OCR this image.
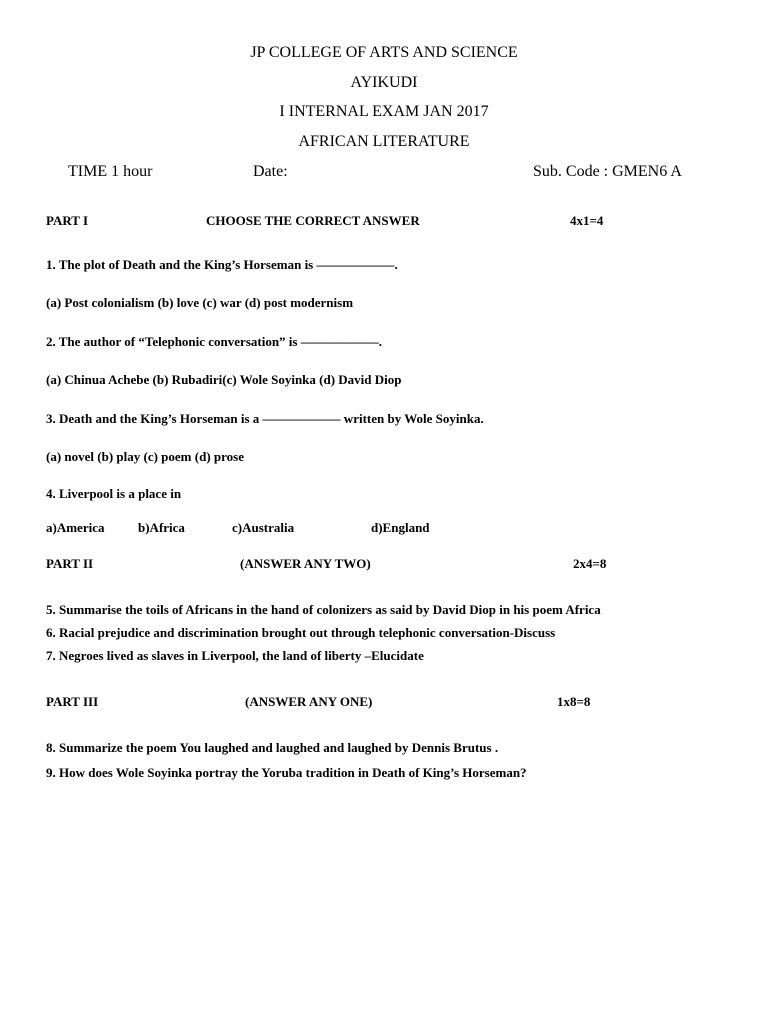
JP COLLEGE OF ARTS AND SCIENCE
AYIKUDI
I INTERNAL EXAM JAN 2017
AFRICAN LITERATURE
TIME 1 hour	Date:	Sub. Code : GMEN6 A
PART I	CHOOSE THE CORRECT ANSWER	4x1=4
1. The plot of Death and the King’s Horseman is ——————.
(a) Post colonialism (b) love (c) war (d) post modernism
2. The author of “Telephonic conversation” is ——————.
(a) Chinua Achebe (b) Rubadiri(c) Wole Soyinka (d) David Diop
3. Death and the King’s Horseman is a —————— written by Wole Soyinka.
(a) novel (b) play (c) poem (d) prose
4. Liverpool is a place in
a)America	b)Africa	c)Australia	d)England
PART II	(ANSWER ANY TWO)	2x4=8
5. Summarise the toils of Africans in the hand of colonizers as said by David Diop in his poem Africa
6. Racial prejudice and discrimination brought out through telephonic conversation-Discuss
7. Negroes lived as slaves in Liverpool, the land of liberty –Elucidate
PART III	(ANSWER ANY ONE)	1x8=8
8. Summarize the poem You laughed and laughed and laughed by Dennis Brutus .
9. How does Wole Soyinka portray the Yoruba tradition in Death of King’s Horseman?
